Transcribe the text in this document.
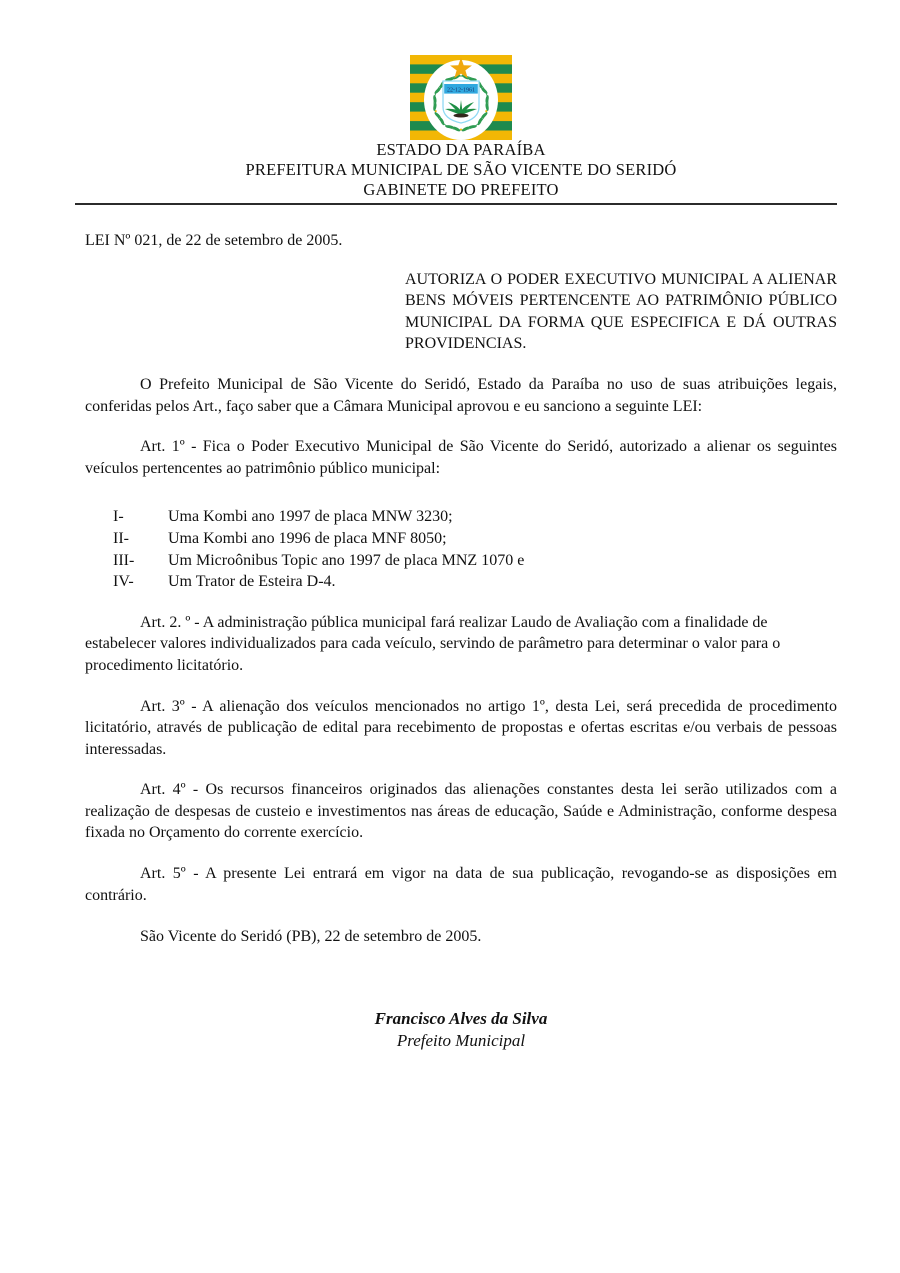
22-12-1961
ESTADO DA PARAÍBA
PREFEITURA MUNICIPAL DE SÃO VICENTE DO SERIDÓ
GABINETE DO PREFEITO

LEI Nº 021, de 22 de setembro de 2005.

AUTORIZA O PODER EXECUTIVO MUNICIPAL A ALIENAR BENS MÓVEIS PERTENCENTE AO PATRIMÔNIO PÚBLICO MUNICIPAL DA FORMA QUE ESPECIFICA E DÁ OUTRAS PROVIDENCIAS.

O Prefeito Municipal de São Vicente do Seridó, Estado da Paraíba no uso de suas atribuições legais, conferidas pelos Art., faço saber que a Câmara Municipal aprovou e eu sanciono a seguinte LEI:

Art. 1º - Fica o Poder Executivo Municipal de São Vicente do Seridó, autorizado a alienar os seguintes veículos pertencentes ao patrimônio público municipal:

I-	Uma Kombi ano 1997 de placa MNW 3230;
II-	Uma Kombi ano 1996 de placa MNF 8050;
III-	Um Microônibus Topic ano 1997 de placa MNZ 1070 e
IV-	Um Trator de Esteira D-4.

Art. 2. º - A administração pública municipal fará realizar Laudo de Avaliação com a finalidade de estabelecer valores individualizados para cada veículo, servindo de parâmetro para determinar o valor para o procedimento licitatório.

Art. 3º - A alienação dos veículos mencionados no artigo 1º, desta Lei, será precedida de procedimento licitatório, através de publicação de edital para recebimento de propostas e ofertas escritas e/ou verbais de pessoas interessadas.

Art. 4º - Os recursos financeiros originados das alienações constantes desta lei serão utilizados com a realização de despesas de custeio e investimentos nas áreas de educação, Saúde e Administração, conforme despesa fixada no Orçamento do corrente exercício.

Art. 5º - A presente Lei entrará em vigor na data de sua publicação, revogando-se as disposições em contrário.

São Vicente do Seridó (PB), 22 de setembro de 2005.

Francisco Alves da Silva
Prefeito Municipal
